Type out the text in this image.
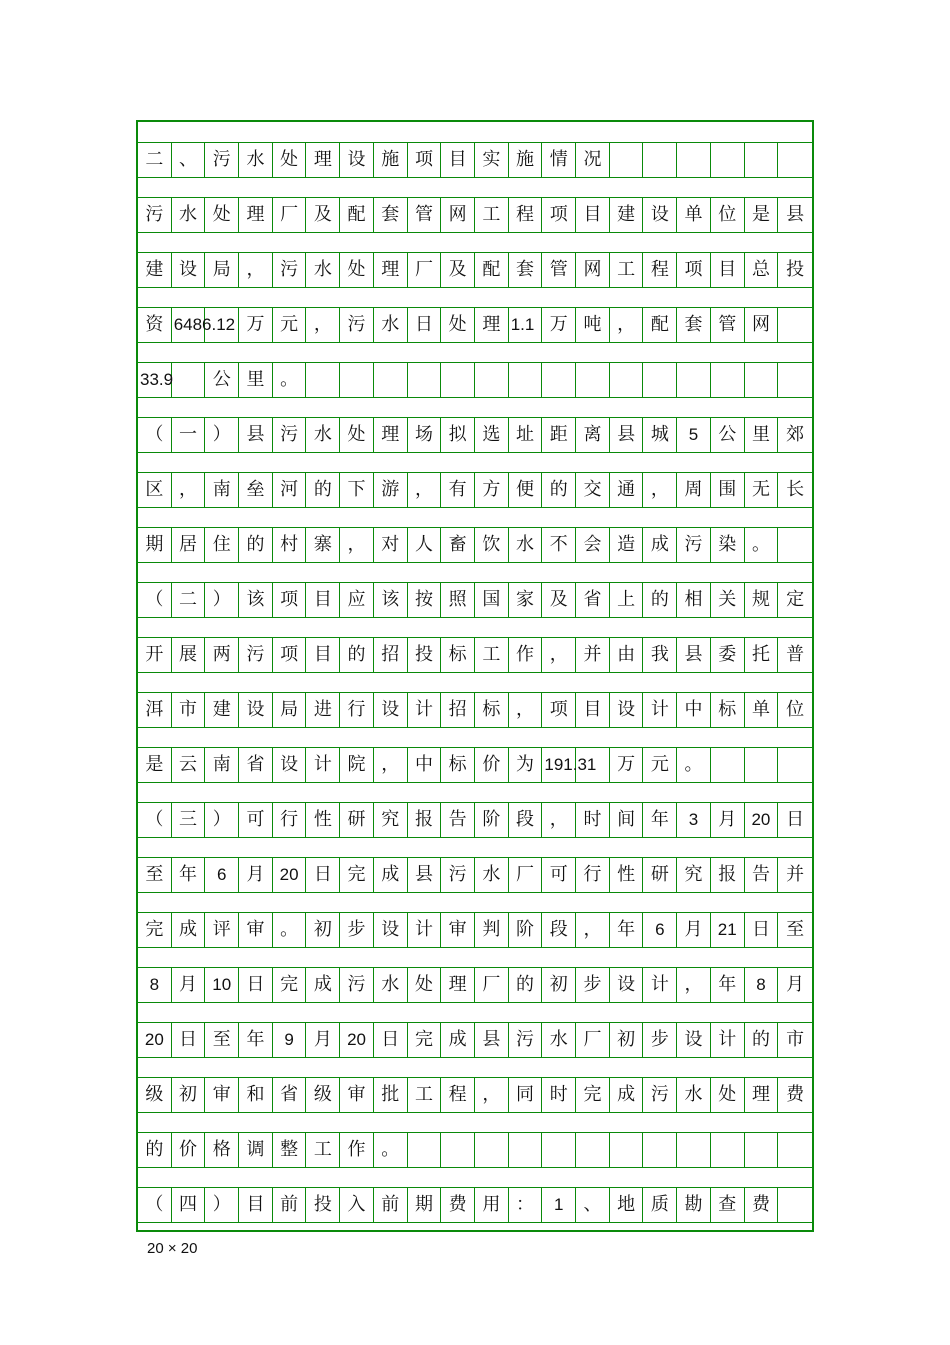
二 、 污 水 处 理 设 施 项 目 实 施 情 况
污 水 处 理 厂 及 配 套 管 网 工 程 项 目 建 设 单 位 是 县
建 设 局 ， 污 水 处 理 厂 及 配 套 管 网 工 程 项 目 总 投
资 6486.12 万 元 ， 污 水 日 处 理 1.1 万 吨 ， 配 套 管 网
33.9	公 里 。
（ 一 ） 县 污 水 处 理 场 拟 选 址 距 离 县 城	5	公 里 郊
区 ， 南 垒 河 的 下 游 ， 有 方 便 的 交 通 ， 周 围 无 长
期 居 住 的 村 寨 ， 对 人 畜 饮 水 不 会 造 成 污 染 。
（ 二 ） 该 项 目 应 该 按 照 国 家 及 省 上 的 相 关 规 定
开 展 两 污 项 目 的 招 投 标 工 作 ， 并 由 我 县 委 托 普
洱 市 建 设 局 进 行 设 计 招 标 ， 项 目 设 计 中 标 单 位
是 云 南 省 设 计 院 ， 中 标 价 为 191.31	万 元 。
（ 三 ） 可 行 性 研 究 报 告 阶 段 ， 时 间 年	3	月 20 日
至 年	6	月 20 日 完 成 县 污 水 厂 可 行 性 研 究 报 告 并
完 成 评 审 。 初 步 设 计 审 判 阶 段 ， 年	6	月 21 日 至
8	月 10 日 完 成 污 水 处 理 厂 的 初 步 设 计 ， 年	8	月
20 日 至 年	9	月 20 日 完 成 县 污 水 厂 初 步 设 计 的 市
级 初 审 和 省 级 审 批 工 程 ， 同 时 完 成 污 水 处 理 费
的 价 格 调 整 工 作 。
（ 四 ） 目 前 投 入 前 期 费 用 ：	1	、 地 质 勘 查 费
20 × 20
